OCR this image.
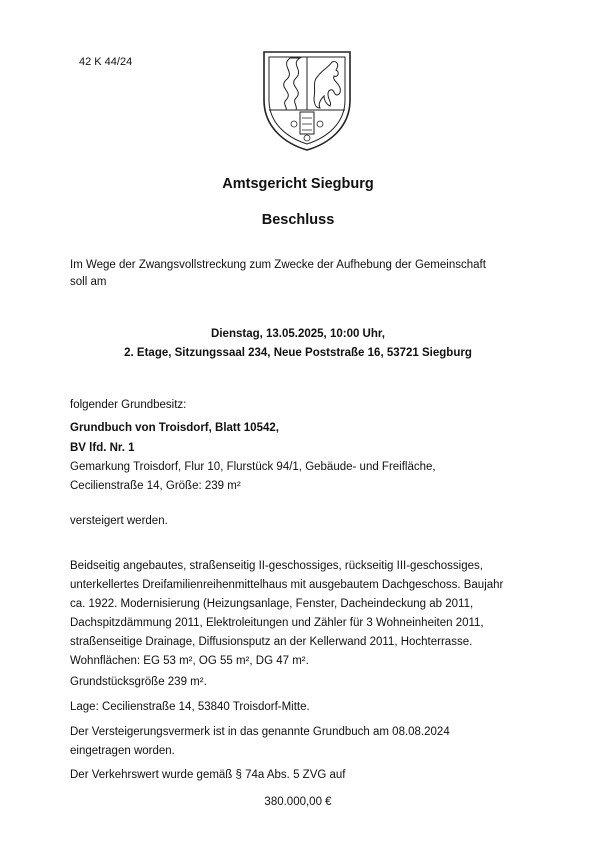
42 K 44/24
Amtsgericht Siegburg
Beschluss
Im Wege der Zwangsvollstreckung zum Zwecke der Aufhebung der Gemeinschaft
soll am
Dienstag, 13.05.2025, 10:00 Uhr,
2. Etage, Sitzungssaal 234, Neue Poststraße 16, 53721 Siegburg
folgender Grundbesitz:
Grundbuch von Troisdorf, Blatt 10542,
BV lfd. Nr. 1
Gemarkung Troisdorf, Flur 10, Flurstück 94/1, Gebäude- und Freifläche,
Cecilienstraße 14, Größe: 239 m²
versteigert werden.
Beidseitig angebautes, straßenseitig II-geschossiges, rückseitig III-geschossiges,
unterkellertes Dreifamilienreihenmittelhaus mit ausgebautem Dachgeschoss. Baujahr
ca. 1922. Modernisierung (Heizungsanlage, Fenster, Dacheindeckung ab 2011,
Dachspitzdämmung 2011, Elektroleitungen und Zähler für 3 Wohneinheiten 2011,
straßenseitige Drainage, Diffusionsputz an der Kellerwand 2011, Hochterrasse.
Wohnflächen: EG 53 m², OG 55 m², DG 47 m².
Grundstücksgröße 239 m².
Lage: Cecilienstraße 14, 53840 Troisdorf-Mitte.
Der Versteigerungsvermerk ist in das genannte Grundbuch am 08.08.2024
eingetragen worden.
Der Verkehrswert wurde gemäß § 74a Abs. 5 ZVG auf
380.000,00 €
